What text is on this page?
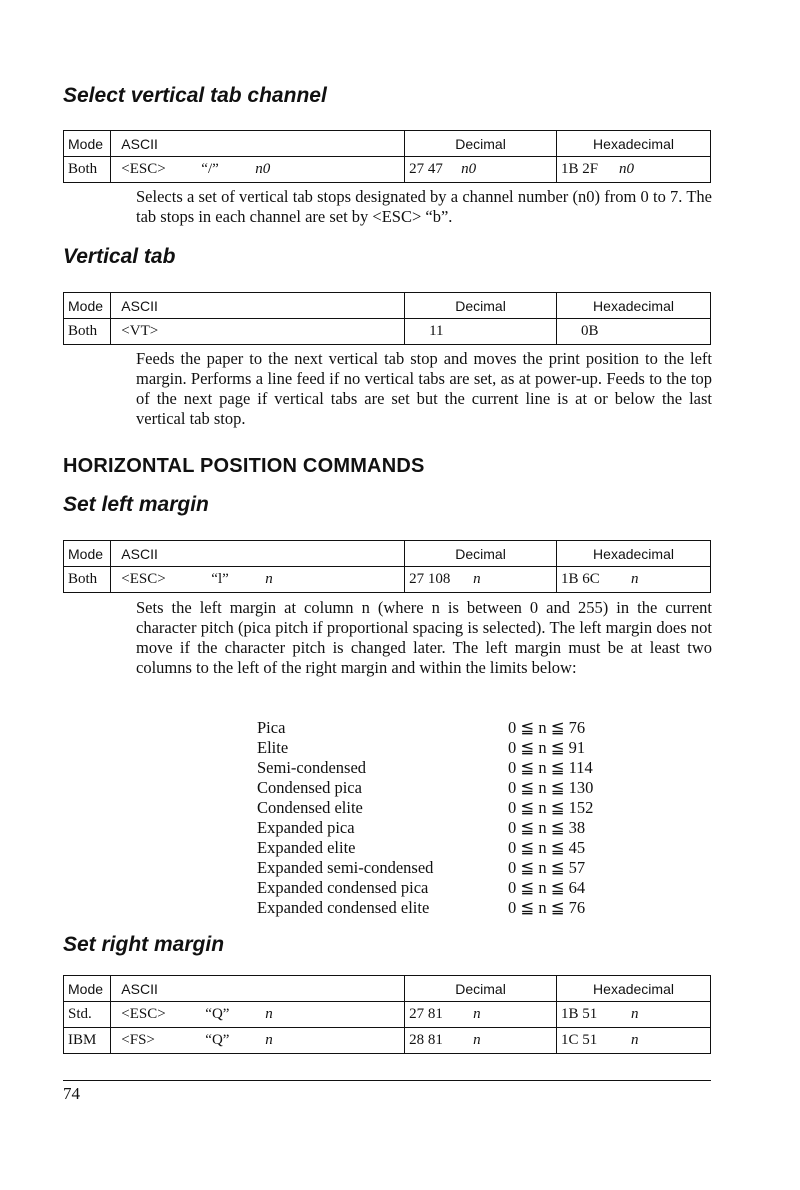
Select vertical tab channel
Mode	ASCII	Decimal	Hexadecimal
Both	<ESC> “/” n0	27 47 n0	1B 2F n0

Selects a set of vertical tab stops designated by a channel number (n0) from 0 to 7. The tab stops in each channel are set by <ESC> “b”.

Vertical tab
Mode	ASCII	Decimal	Hexadecimal
Both	<VT>	11	0B

Feeds the paper to the next vertical tab stop and moves the print position to the left margin. Performs a line feed if no vertical tabs are set, as at power-up. Feeds to the top of the next page if vertical tabs are set but the current line is at or below the last vertical tab stop.

HORIZONTAL POSITION COMMANDS
Set left margin
Mode	ASCII	Decimal	Hexadecimal
Both	<ESC> “l” n	27 108 n	1B 6C n

Sets the left margin at column n (where n is between 0 and 255) in the current character pitch (pica pitch if proportional spacing is selected). The left margin does not move if the character pitch is changed later. The left margin must be at least two columns to the left of the right margin and within the limits below:

Pica	0 ≦ n ≦ 76
Elite	0 ≦ n ≦ 91
Semi-condensed	0 ≦ n ≦ 114
Condensed pica	0 ≦ n ≦ 130
Condensed elite	0 ≦ n ≦ 152
Expanded pica	0 ≦ n ≦ 38
Expanded elite	0 ≦ n ≦ 45
Expanded semi-condensed	0 ≦ n ≦ 57
Expanded condensed pica	0 ≦ n ≦ 64
Expanded condensed elite	0 ≦ n ≦ 76
Set right margin
Mode	ASCII	Decimal	Hexadecimal
Std.	<ESC> “Q” n	27 81 n	1B 51 n
IBM	<FS> “Q” n	28 81 n	1C 51 n
74
